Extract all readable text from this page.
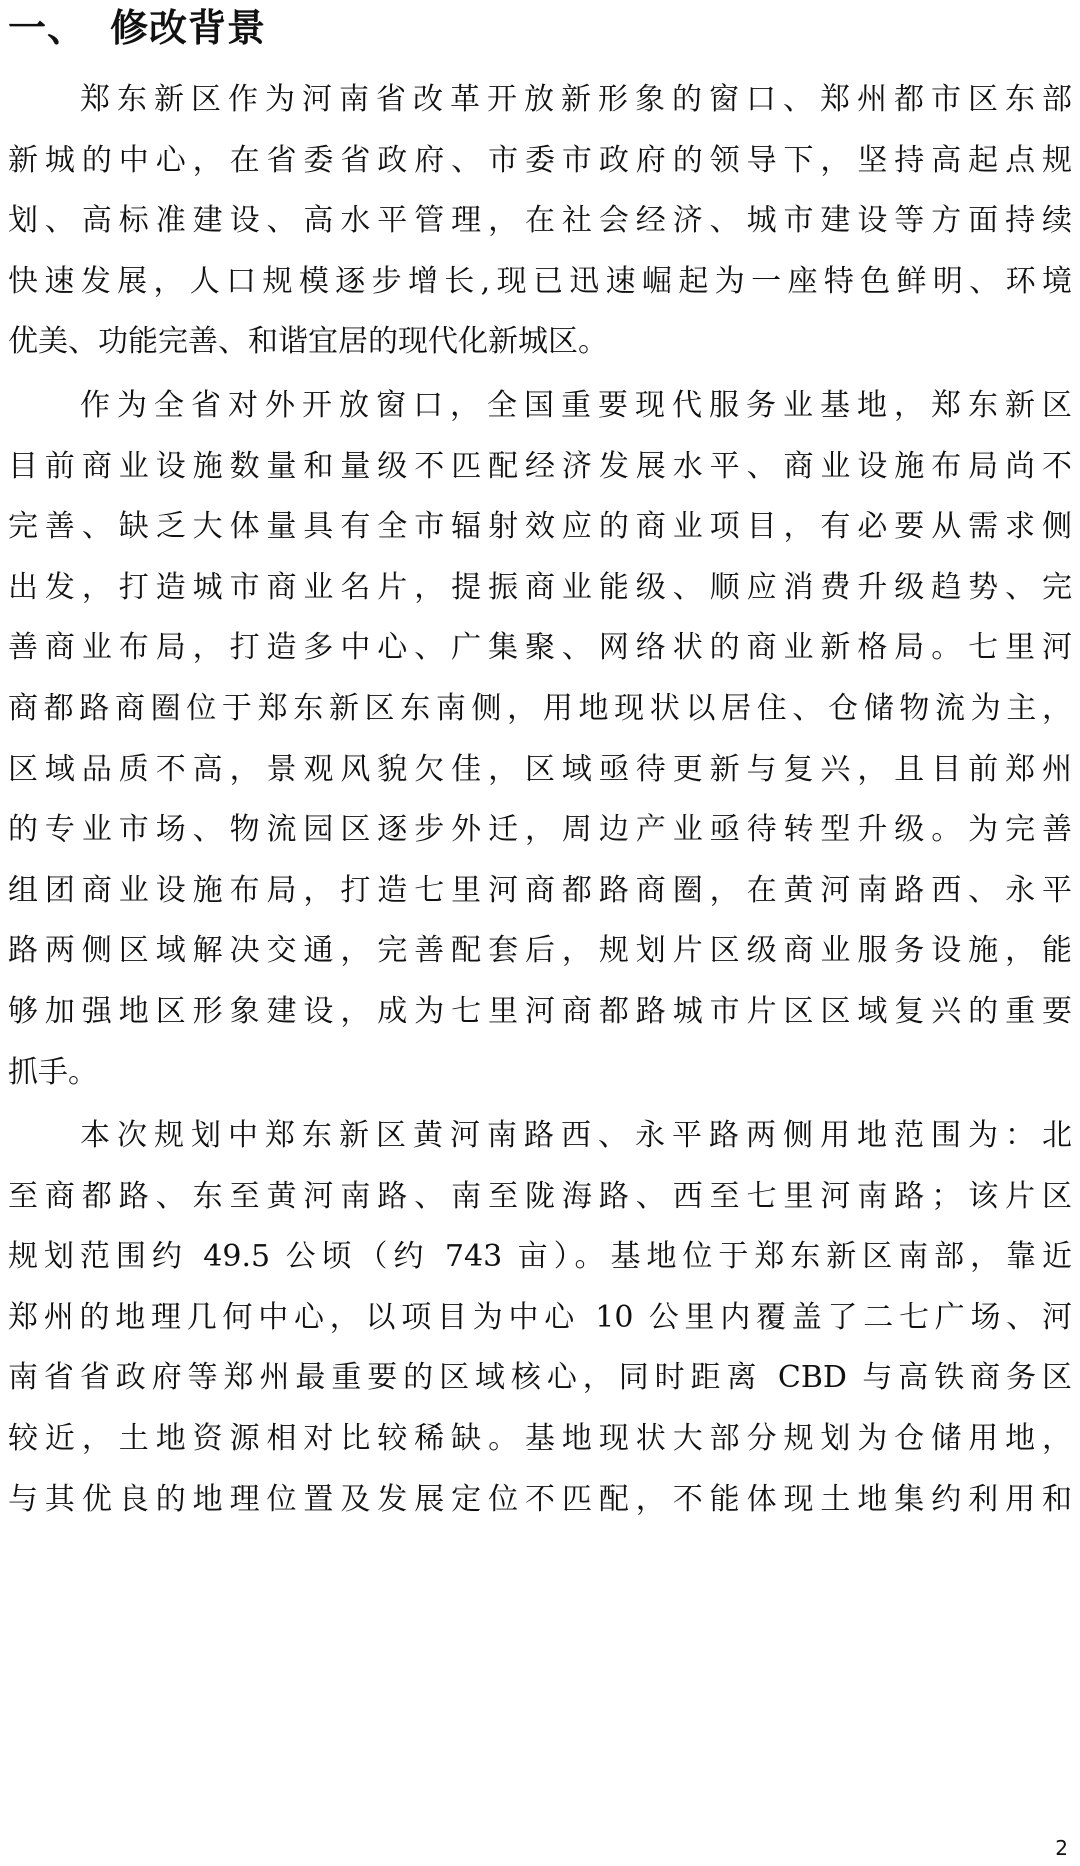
一、 修改背景
郑东新区作为河南省改革开放新形象的窗口、郑州都市区东部
新城的中心，在省委省政府、市委市政府的领导下，坚持高起点规
划、高标准建设、高水平管理，在社会经济、城市建设等方面持续
快速发展，人口规模逐步增长,现已迅速崛起为一座特色鲜明、环境
优美、功能完善、和谐宜居的现代化新城区。
作为全省对外开放窗口，全国重要现代服务业基地，郑东新区
目前商业设施数量和量级不匹配经济发展水平、商业设施布局尚不
完善、缺乏大体量具有全市辐射效应的商业项目，有必要从需求侧
出发，打造城市商业名片，提振商业能级、顺应消费升级趋势、完
善商业布局，打造多中心、广集聚、网络状的商业新格局。七里河
商都路商圈位于郑东新区东南侧，用地现状以居住、仓储物流为主，
区域品质不高，景观风貌欠佳，区域亟待更新与复兴，且目前郑州
的专业市场、物流园区逐步外迁，周边产业亟待转型升级。为完善
组团商业设施布局，打造七里河商都路商圈，在黄河南路西、永平
路两侧区域解决交通，完善配套后，规划片区级商业服务设施，能
够加强地区形象建设，成为七里河商都路城市片区区域复兴的重要
抓手。
本次规划中郑东新区黄河南路西、永平路两侧用地范围为：北
至商都路、东至黄河南路、南至陇海路、西至七里河南路；该片区
规划范围约 49.5 公顷（约 743 亩）。基地位于郑东新区南部，靠近
郑州的地理几何中心，以项目为中心 10 公里内覆盖了二七广场、河
南省省政府等郑州最重要的区域核心，同时距离 CBD 与高铁商务区
较近，土地资源相对比较稀缺。基地现状大部分规划为仓储用地，
与其优良的地理位置及发展定位不匹配，不能体现土地集约利用和
2
